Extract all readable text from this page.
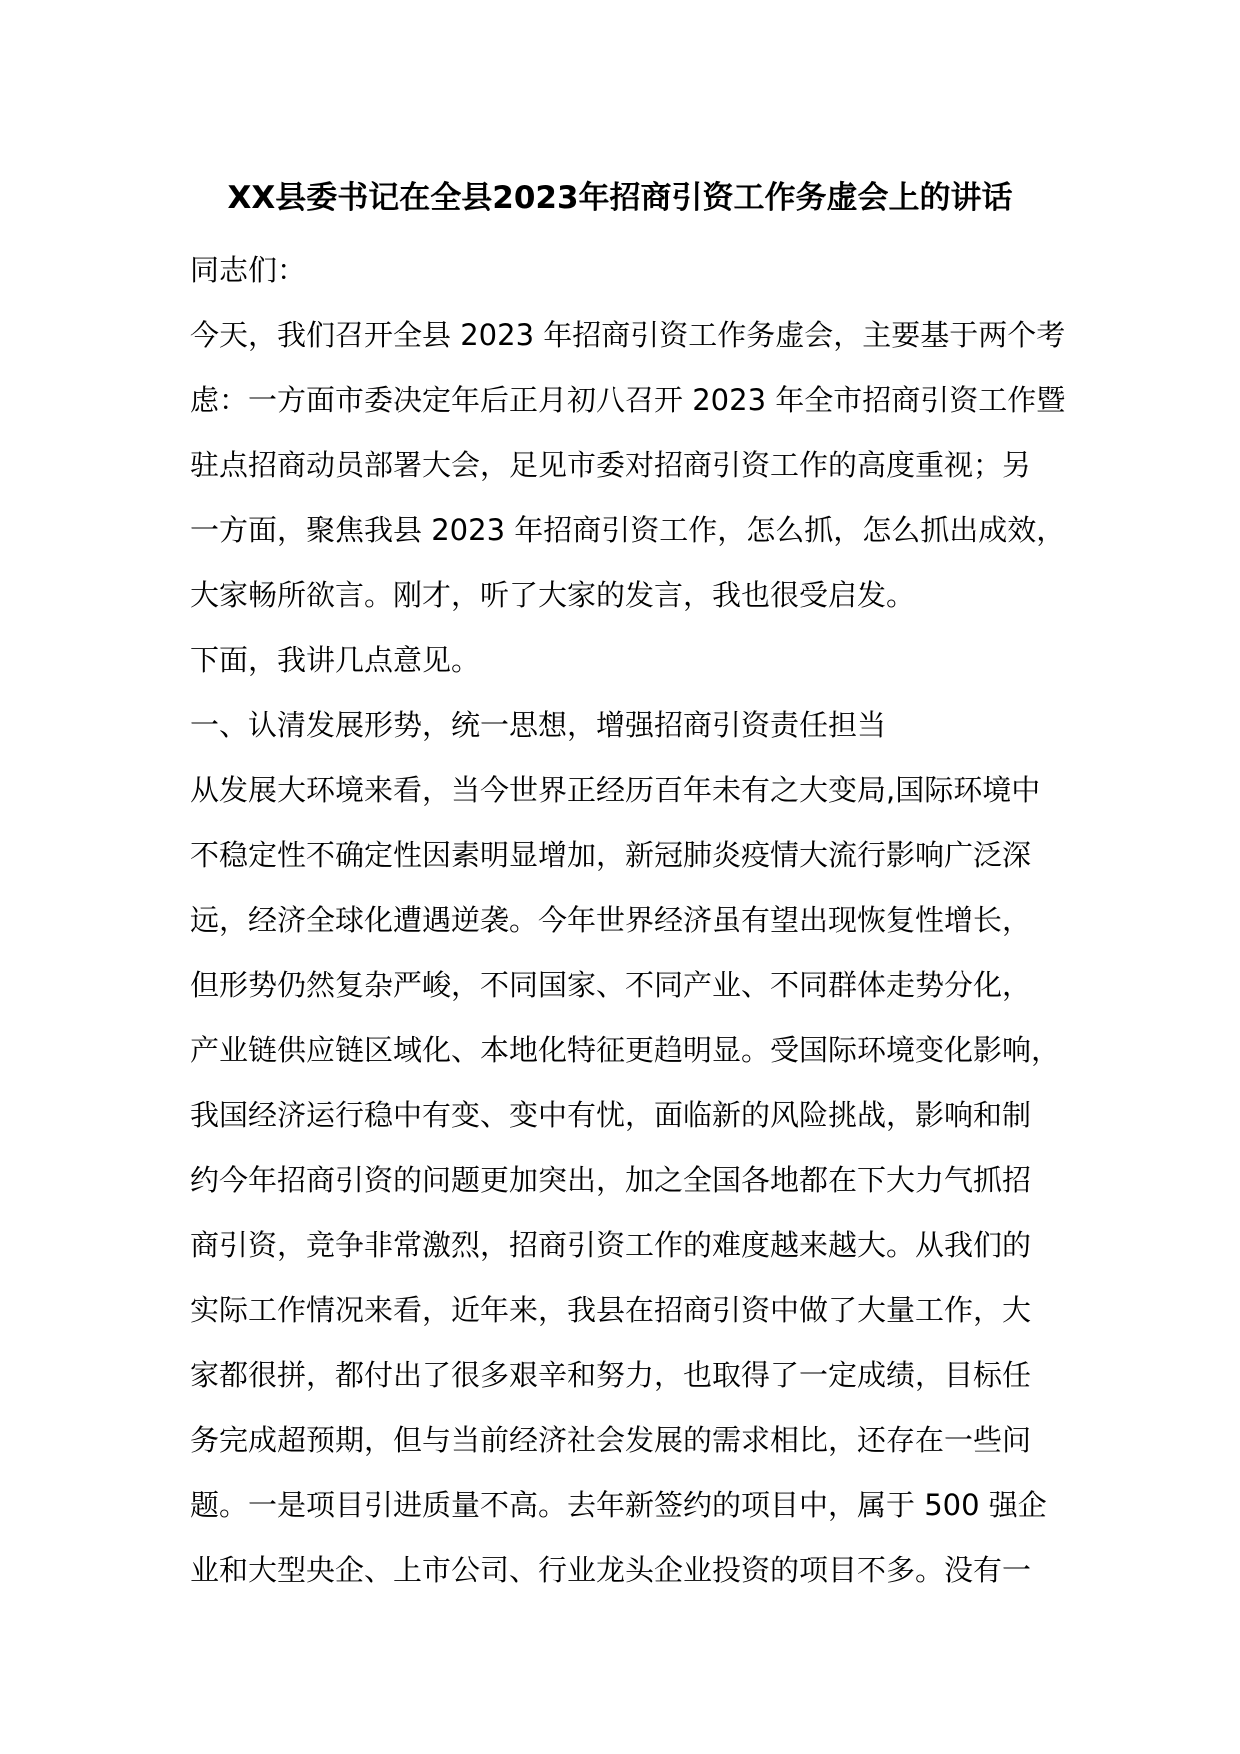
XX县委书记在全县2023年招商引资工作务虚会上的讲话
同志们：
今天，我们召开全县 2023 年招商引资工作务虚会，主要基于两个考
虑：一方面市委决定年后正月初八召开 2023 年全市招商引资工作暨
驻点招商动员部署大会，足见市委对招商引资工作的高度重视；另
一方面，聚焦我县 2023 年招商引资工作，怎么抓，怎么抓出成效，
大家畅所欲言。刚才，听了大家的发言，我也很受启发。
下面，我讲几点意见。
一、认清发展形势，统一思想，增强招商引资责任担当
从发展大环境来看，当今世界正经历百年未有之大变局,国际环境中
不稳定性不确定性因素明显增加，新冠肺炎疫情大流行影响广泛深
远，经济全球化遭遇逆袭。今年世界经济虽有望出现恢复性增长，
但形势仍然复杂严峻，不同国家、不同产业、不同群体走势分化，
产业链供应链区域化、本地化特征更趋明显。受国际环境变化影响，
我国经济运行稳中有变、变中有忧，面临新的风险挑战，影响和制
约今年招商引资的问题更加突出，加之全国各地都在下大力气抓招
商引资，竞争非常激烈，招商引资工作的难度越来越大。从我们的
实际工作情况来看，近年来，我县在招商引资中做了大量工作，大
家都很拼，都付出了很多艰辛和努力，也取得了一定成绩，目标任
务完成超预期，但与当前经济社会发展的需求相比，还存在一些问
题。一是项目引进质量不高。去年新签约的项目中，属于 500 强企
业和大型央企、上市公司、行业龙头企业投资的项目不多。没有一
